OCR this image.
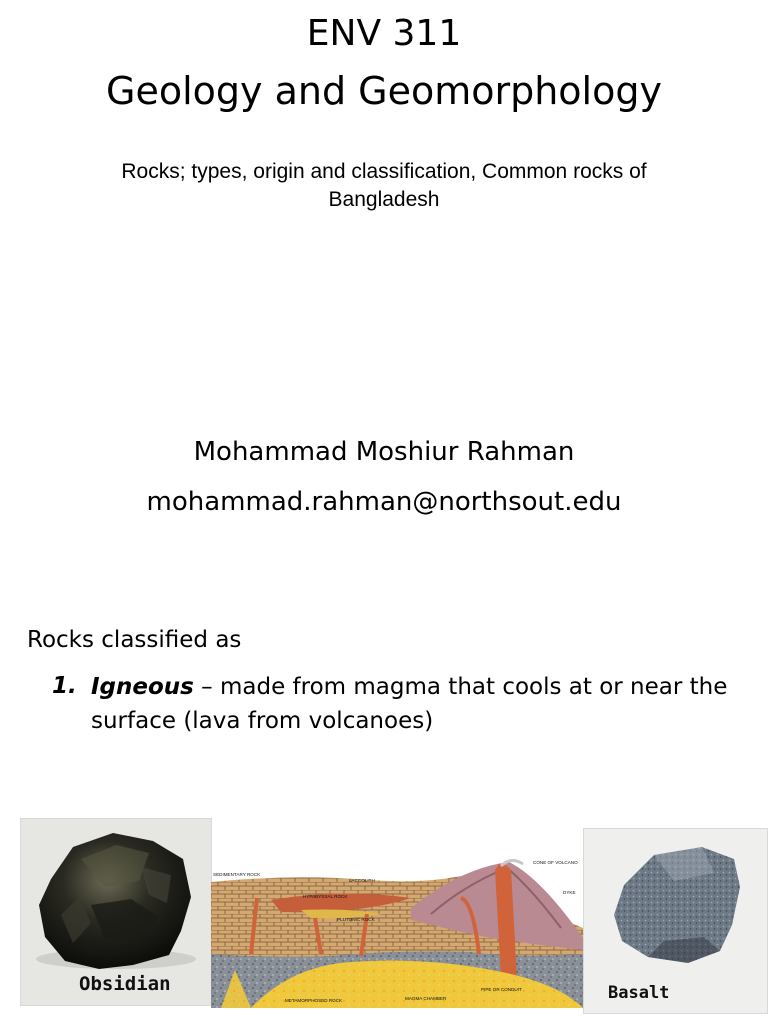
ENV 311
Geology and Geomorphology
Rocks; types, origin and classification, Common rocks of Bangladesh
Mohammad Moshiur Rahman
mohammad.rahman@northsout.edu
Rocks classified as
1. Igneous – made from magma that cools at or near the surface (lava from volcanoes)
Obsidian
SEDIMENTARY ROCK
LACCOLITH
CONE OF VOLCANO
HYPABYSSAL ROCK
DYKE
PLUTONIC ROCK
PIPE OR CONDUIT
METAMORPHOSED ROCK	MAGMA CHAMBER	Basalt
